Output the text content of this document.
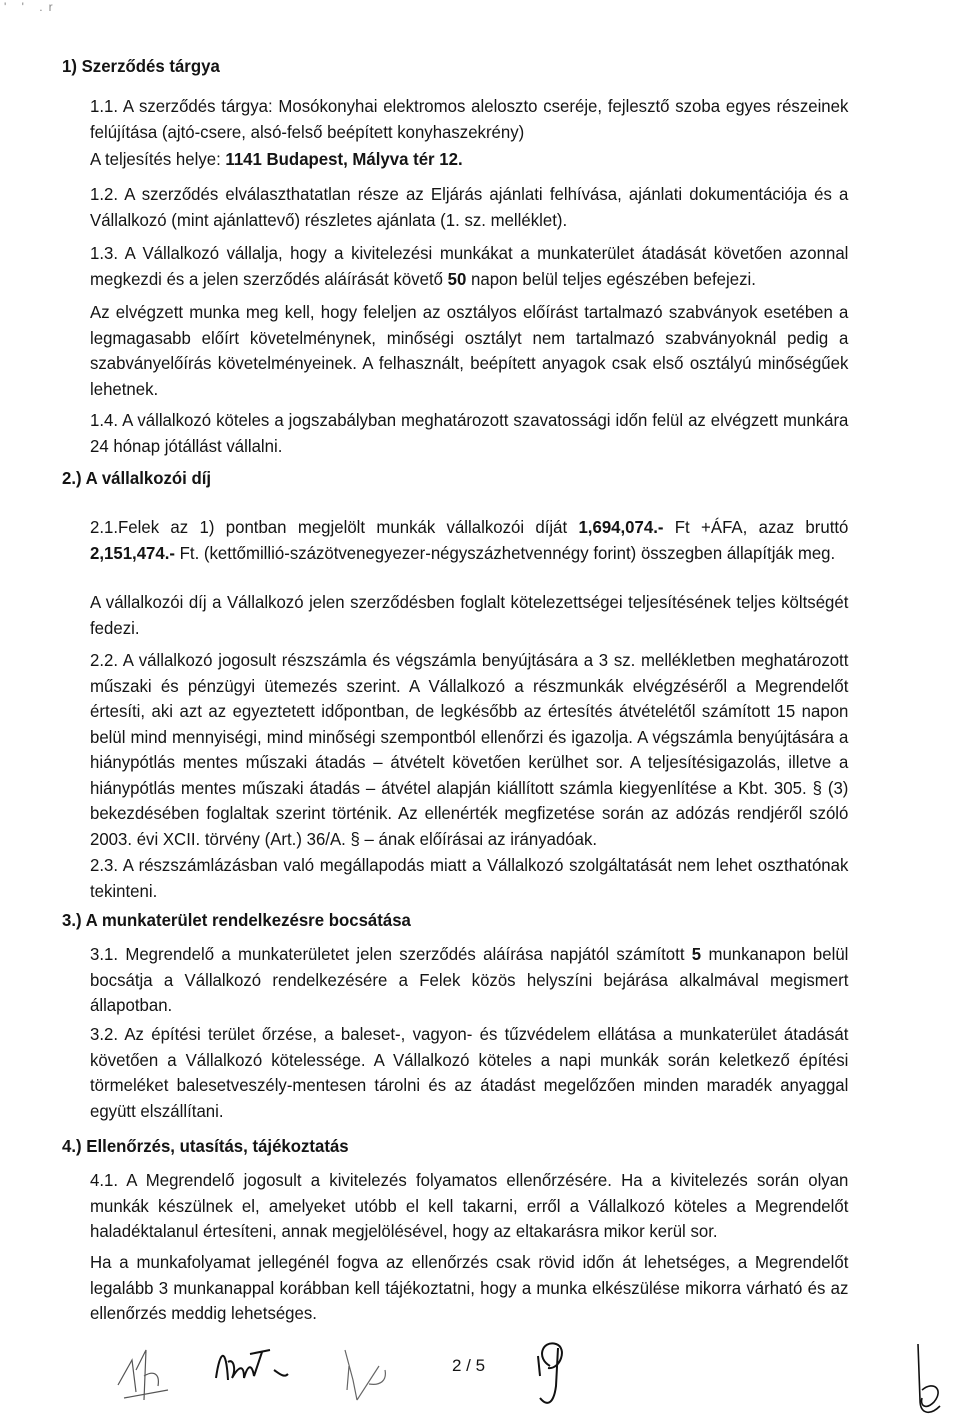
' ' .r
1) Szerződés tárgya

1.1. A szerződés tárgya: Mosókonyhai elektromos aleloszto cseréje, fejlesztő szoba egyes részeinek felújítása (ajtó-csere, alsó-felső beépített konyhaszekrény)

A teljesítés helye: 1141 Budapest, Mályva tér 12.

1.2. A szerződés elválaszthatatlan része az Eljárás ajánlati felhívása, ajánlati dokumentációja és a Vállalkozó (mint ajánlattevő) részletes ajánlata (1. sz. melléklet).

1.3. A Vállalkozó vállalja, hogy a kivitelezési munkákat a munkaterület átadását követően azonnal megkezdi és a jelen szerződés aláírását követő 50 napon belül teljes egészében befejezi.

Az elvégzett munka meg kell, hogy feleljen az osztályos előírást tartalmazó szabványok esetében a legmagasabb előírt követelménynek, minőségi osztályt nem tartalmazó szabványoknál pedig a szabványelőírás követelményeinek. A felhasznált, beépített anyagok csak első osztályú minőségűek lehetnek.

1.4. A vállalkozó köteles a jogszabályban meghatározott szavatossági időn felül az elvégzett munkára 24 hónap jótállást vállalni.

2.) A vállalkozói díj

2.1.Felek az 1) pontban megjelölt munkák vállalkozói díját 1,694,074.- Ft +ÁFA, azaz bruttó 2,151,474.- Ft. (kettőmillió-százötvenegyezer-négyszázhetvennégy forint) összegben állapítják meg.

A vállalkozói díj a Vállalkozó jelen szerződésben foglalt kötelezettségei teljesítésének teljes költségét fedezi.

2.2. A vállalkozó jogosult részszámla és végszámla benyújtására a 3 sz. mellékletben meghatározott műszaki és pénzügyi ütemezés szerint. A Vállalkozó a részmunkák elvégzéséről a Megrendelőt értesíti, aki azt az egyeztetett időpontban, de legkésőbb az értesítés átvételétől számított 15 napon belül mind mennyiségi, mind minőségi szempontból ellenőrzi és igazolja. A végszámla benyújtására a hiánypótlás mentes műszaki átadás – átvételt követően kerülhet sor. A teljesítésigazolás, illetve a hiánypótlás mentes műszaki átadás – átvétel alapján kiállított számla kiegyenlítése a Kbt. 305. § (3) bekezdésében foglaltak szerint történik. Az ellenérték megfizetése során az adózás rendjéről szóló 2003. évi XCII. törvény (Art.) 36/A. § – ának előírásai az irányadóak.

2.3. A részszámlázásban való megállapodás miatt a Vállalkozó szolgáltatását nem lehet oszthatónak tekinteni.

3.) A munkaterület rendelkezésre bocsátása

3.1. Megrendelő a munkaterületet jelen szerződés aláírása napjától számított 5 munkanapon belül bocsátja a Vállalkozó rendelkezésére a Felek közös helyszíni bejárása alkalmával megismert állapotban.

3.2. Az építési terület őrzése, a baleset-, vagyon- és tűzvédelem ellátása a munkaterület átadását követően a Vállalkozó kötelessége. A Vállalkozó köteles a napi munkák során keletkező építési törmeléket balesetveszély-mentesen tárolni és az átadást megelőzően minden maradék anyaggal együtt elszállítani.

4.) Ellenőrzés, utasítás, tájékoztatás

4.1. A Megrendelő jogosult a kivitelezés folyamatos ellenőrzésére. Ha a kivitelezés során olyan munkák készülnek el, amelyeket utóbb el kell takarni, erről a Vállalkozó köteles a Megrendelőt haladéktalanul értesíteni, annak megjelölésével, hogy az eltakarásra mikor kerül sor.

Ha a munkafolyamat jellegénél fogva az ellenőrzés csak rövid időn át lehetséges, a Megrendelőt legalább 3 munkanappal korábban kell tájékoztatni, hogy a munka elkészülése mikorra várható és az ellenőrzés meddig lehetséges.

2 / 5
